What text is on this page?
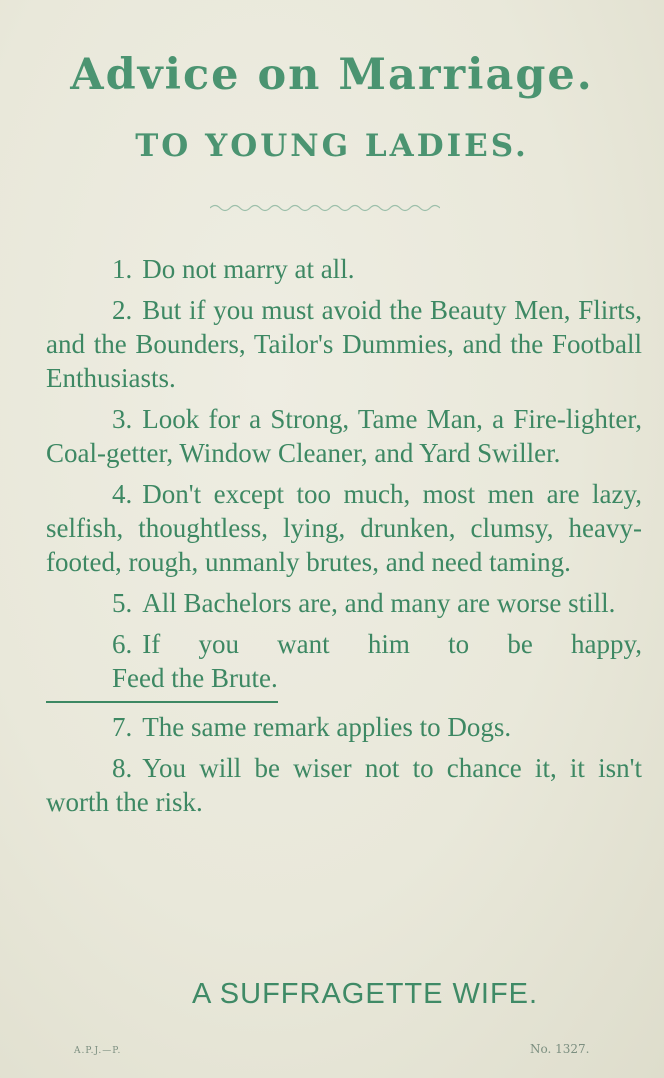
Advice on Marriage.
TO YOUNG LADIES.

1. Do not marry at all.

2. But if you must avoid the Beauty Men, Flirts, and the Bounders, Tailor's Dummies, and the Football Enthusiasts.

3. Look for a Strong, Tame Man, a Fire-lighter, Coal-getter, Window Cleaner, and Yard Swiller.

4. Don't except too much, most men are lazy, selfish, thoughtless, lying, drunken, clumsy, heavy-footed, rough, unmanly brutes, and need taming.

5. All Bachelors are, and many are worse still.

6. If you want him to be happy, Feed the Brute.

7. The same remark applies to Dogs.

8. You will be wiser not to chance it, it isn't worth the risk.

A SUFFRAGETTE WIFE.
A.P.J.—P.	No. 1327.
